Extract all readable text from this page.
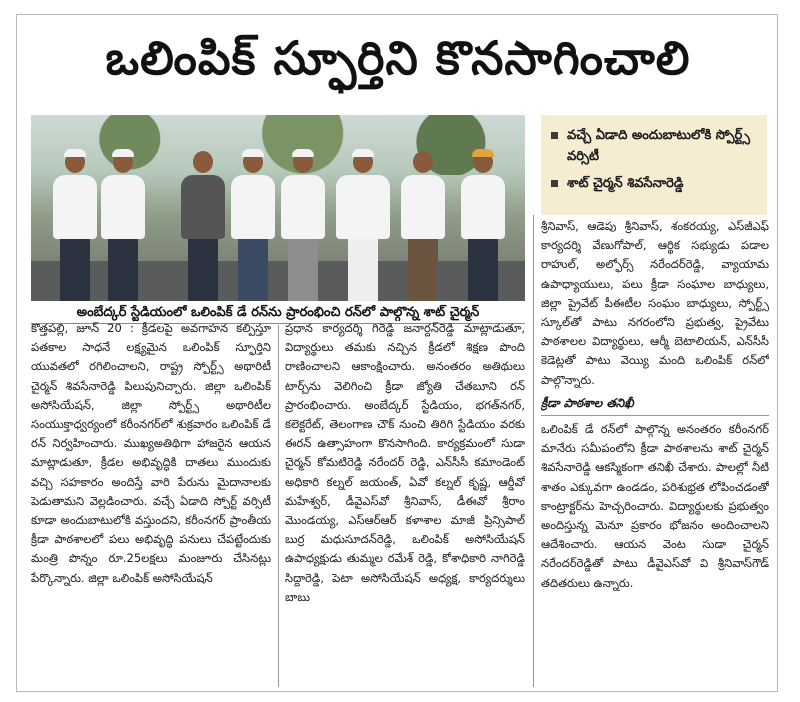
ఒలింపిక్ స్ఫూర్తిని కొనసాగించాలి
అంబేద్కర్ స్టేడియంలో ఒలింపిక్ డే రన్‌ను ప్రారంభించి రన్‌లో పాల్గొన్న శాట్ చైర్మన్
వచ్చే ఏడాది అందుబాటులోకి స్పోర్ట్స్ వర్సిటీ
శాట్ చైర్మన్ శివసేనారెడ్డి

కొత్తపల్లి, జూన్ 20 : క్రీడలపై అవగాహన కల్పిస్తూ పతకాల సాధనే లక్ష్యమైన ఒలింపిక్ స్ఫూర్తిని యువతలో రగిలించాలని, రాష్ట్ర స్పోర్ట్స్ అథారిటీ చైర్మన్ శివసేనారెడ్డి పిలుపునిచ్చారు. జిల్లా ఒలింపిక్ అసోసియేషన్, జిల్లా స్పోర్ట్స్ అథారిటీల సంయుక్తాధ్వర్యంలో కరీంనగర్‌లో శుక్రవారం ఒలింపిక్ డే రన్ నిర్వహించారు. ముఖ్యఅతిథిగా హాజరైన ఆయన మాట్లాడుతూ, క్రీడల అభివృద్ధికి దాతలు ముందుకు వచ్చి సహకారం అందిస్తే వారి పేరును మైదానాలకు పెడుతామని వెల్లడించారు. వచ్చే ఏడాది స్పోర్ట్ వర్సిటీ కూడా అందుబాటులోకి వస్తుందని, కరీంనగర్ ప్రాంతీయ క్రీడా పాఠశాలలో పలు అభివృద్ధి పనులు చేపట్టేందుకు మంత్రి పొన్నం రూ.25లక్షలు మంజూరు చేసినట్లు పేర్కొన్నారు. జిల్లా ఒలింపిక్ అసోసియేషన్

ప్రధాన కార్యదర్శి గిరెడ్డి జనార్దన్‌రెడ్డి మాట్లాడుతూ, విద్యార్థులు తమకు నచ్చిన క్రీడలో శిక్షణ పొంది రాణించాలని ఆకాంక్షించారు. అనంతరం అతిథులు టార్చ్‌ను వెలిగించి క్రీడా జ్యోతి చేతబూని రన్ ప్రారంభించారు. అంబేద్కర్ స్టేడియం, భగత్‌నగర్, కలెక్టరేట్, తెలంగాణ చౌక్ నుంచి తిరిగి స్టేడియం వరకు ఈరన్ ఉత్సాహంగా కొనసాగింది. కార్యక్రమంలో సుడా చైర్మన్ కోమటిరెడ్డి నరేందర్ రెడ్డి, ఎన్‌సీసీ కమాండెంట్ అధికారి కల్నల్ జయంత్, ఏవో కల్నల్ కృష్ణ, ఆర్డీవో మహేశ్వర్, డీవైఎస్‌వో శ్రీనివాస్, డీఈవో శ్రీరాం మొండయ్య, ఎస్ఆర్ఆర్ కళాశాల మాజీ ప్రిన్సిపాల్ బుర్ర మధుసూదన్‌రెడ్డి, ఒలింపిక్ అసోసియేషన్ ఉపాధ్యక్షుడు తుమ్మల రమేశ్ రెడ్డి, కోశాధికారి నాగిరెడ్డి సిద్దారెడ్డి, పెటా అసోసియేషన్ అధ్యక్ష, కార్యదర్శులు బాబు

శ్రీనివాస్, ఆడెపు శ్రీనివాస్, శంకరయ్య, ఎస్‌జీఎఫ్ కార్యదర్శి వేణుగోపాల్, ఆర్థిక సభ్యుడు పడాల రాహుల్, అల్ఫోర్స్ నరేందర్‌రెడ్డి, వ్యాయామ ఉపాధ్యాయులు, పలు క్రీడా సంఘాల బాధ్యులు, జిల్లా ప్రైవేట్ పీఈటీల సంఘం బాధ్యులు, స్పోర్ట్స్ స్కూల్‌తో పాటు నగరంలోని ప్రభుత్వ, ప్రైవేటు పాఠశాలల విద్యార్థులు, ఆర్మీ బెటాలియన్, ఎన్‌సీసీ కెడెట్లతో పాటు వెయ్యి మంది ఒలింపిక్ రన్‌లో పాల్గొన్నారు.

క్రీడా పాఠశాల తనిఖీ

ఒలింపిక్ డే రన్‌లో పాల్గొన్న అనంతరం కరీంనగర్ మానేరు సమీపంలోని క్రీడా పాఠశాలను శాట్ చైర్మన్ శివసేనారెడ్డి ఆకస్మికంగా తనిఖీ చేశారు. పాలల్లో నీటి శాతం ఎక్కువగా ఉండడం, పరిశుభ్రత లోపించడంతో కాంట్రాక్టర్‌ను హెచ్చరించారు. విద్యార్థులకు ప్రభుత్వం అందిస్తున్న మెనూ ప్రకారం భోజనం అందించాలని ఆదేశించారు. ఆయన వెంట సుడా చైర్మన్ నరేందర్‌రెడ్డితో పాటు డీవైఎస్‌వో వి శ్రీనివాస్‌గౌడ్ తదితరులు ఉన్నారు.
